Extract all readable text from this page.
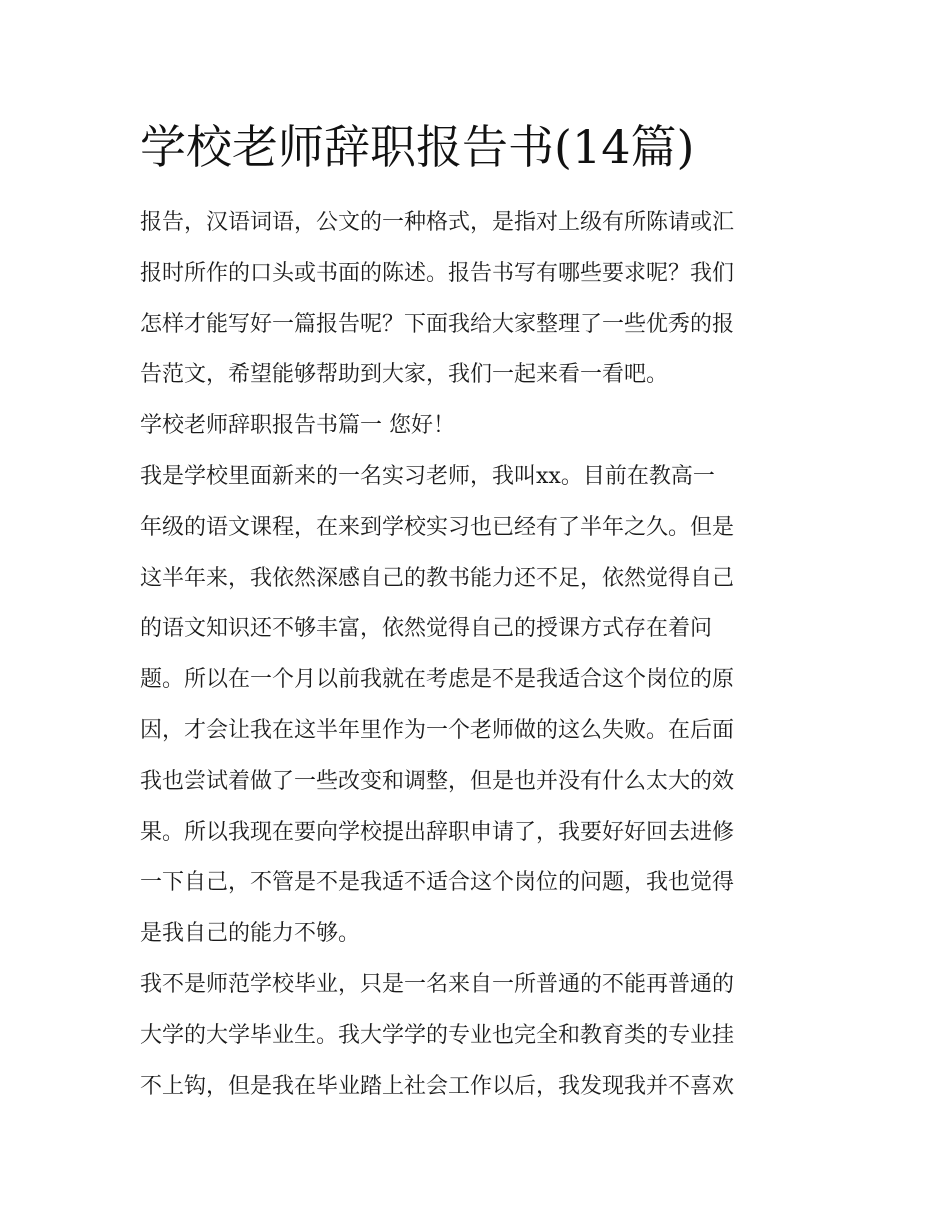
学校老师辞职报告书(14篇)
报告，汉语词语，公文的一种格式，是指对上级有所陈请或汇
报时所作的口头或书面的陈述。报告书写有哪些要求呢？我们
怎样才能写好一篇报告呢？下面我给大家整理了一些优秀的报
告范文，希望能够帮助到大家，我们一起来看一看吧。
学校老师辞职报告书篇一 您好！
我是学校里面新来的一名实习老师，我叫xx。目前在教高一
年级的语文课程，在来到学校实习也已经有了半年之久。但是
这半年来，我依然深感自己的教书能力还不足，依然觉得自己
的语文知识还不够丰富，依然觉得自己的授课方式存在着问
题。所以在一个月以前我就在考虑是不是我适合这个岗位的原
因，才会让我在这半年里作为一个老师做的这么失败。在后面
我也尝试着做了一些改变和调整，但是也并没有什么太大的效
果。所以我现在要向学校提出辞职申请了，我要好好回去进修
一下自己，不管是不是我适不适合这个岗位的问题，我也觉得
是我自己的能力不够。
我不是师范学校毕业，只是一名来自一所普通的不能再普通的
大学的大学毕业生。我大学学的专业也完全和教育类的专业挂
不上钩，但是我在毕业踏上社会工作以后，我发现我并不喜欢
